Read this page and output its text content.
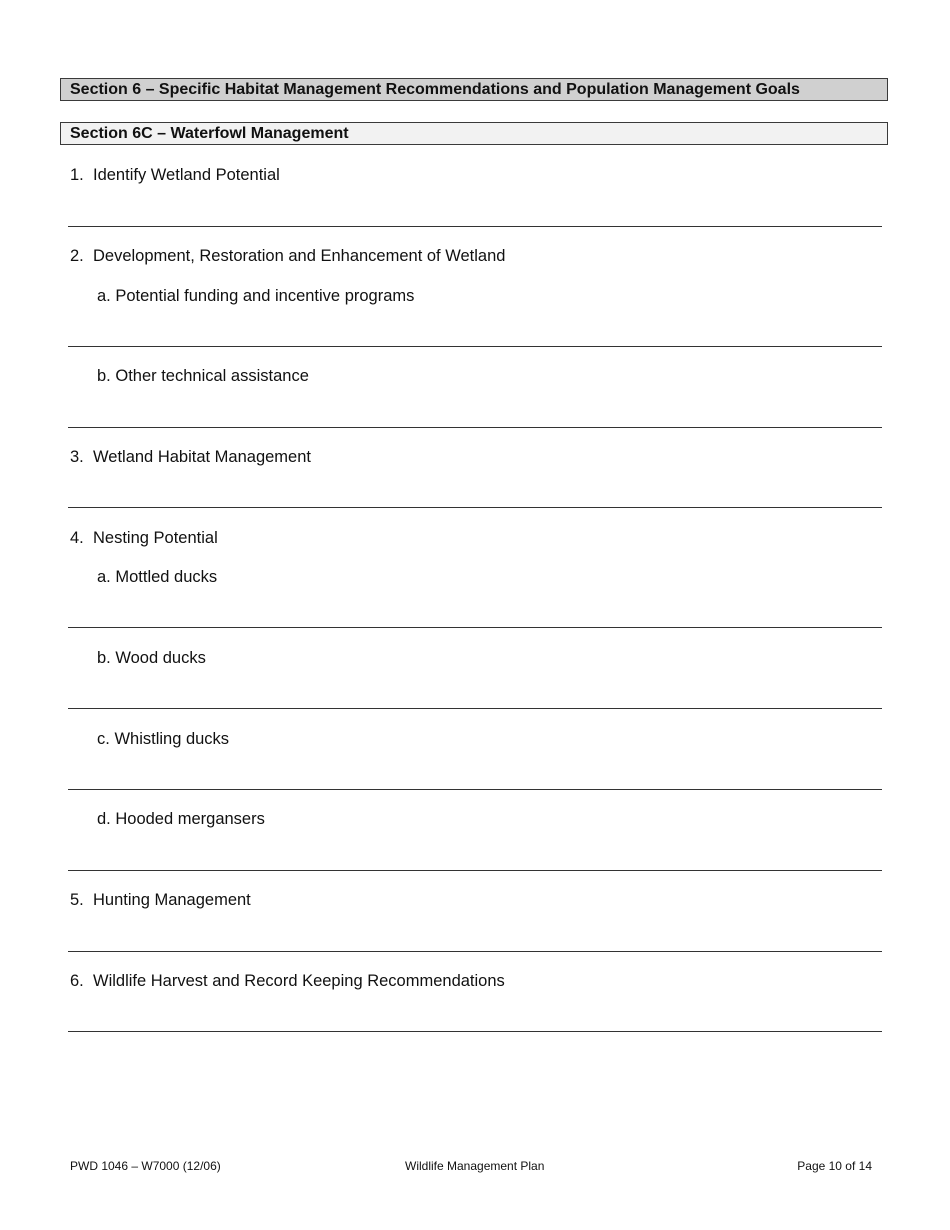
Section 6 – Specific Habitat Management Recommendations and Population Management Goals
Section 6C – Waterfowl Management
1. Identify Wetland Potential
2. Development, Restoration and Enhancement of Wetland
a. Potential funding and incentive programs
b. Other technical assistance
3. Wetland Habitat Management
4. Nesting Potential
a. Mottled ducks
b. Wood ducks
c. Whistling ducks
d. Hooded mergansers
5. Hunting Management
6. Wildlife Harvest and Record Keeping Recommendations
PWD 1046 – W7000 (12/06)	Wildlife Management Plan	Page 10 of 14
